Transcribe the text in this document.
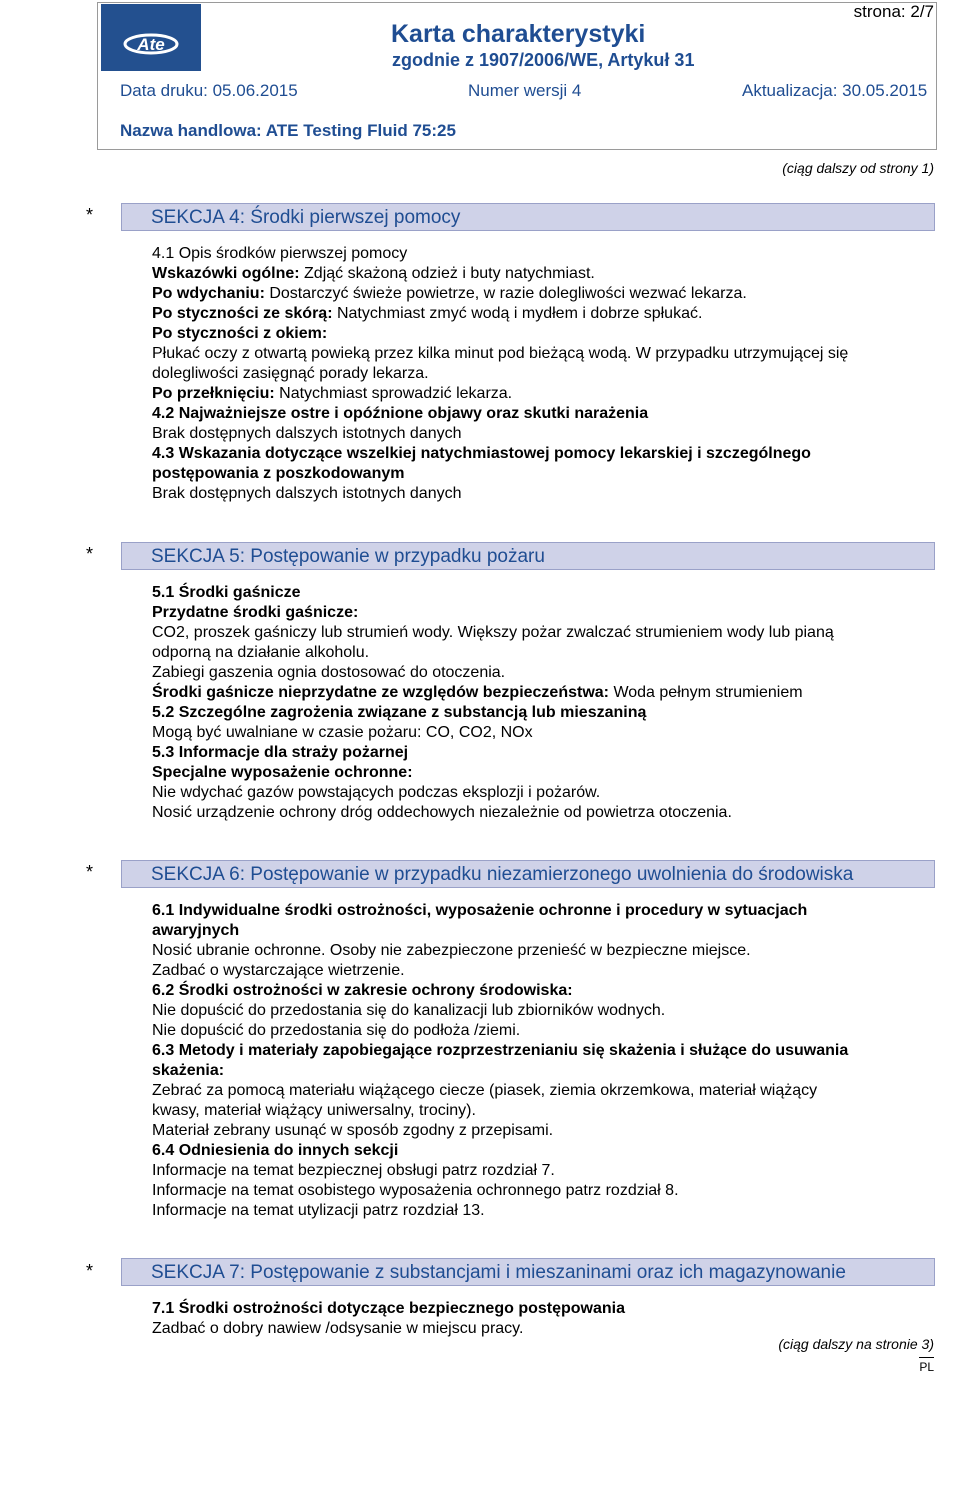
strona: 2/7
Ate	Karta charakterystyki
zgodnie z 1907/2006/WE, Artykuł 31
Data druku: 05.06.2015	Numer wersji 4	Aktualizacja: 30.05.2015
Nazwa handlowa: ATE Testing Fluid 75:25
(ciąg dalszy od strony 1)
*	SEKCJA 4: Środki pierwszej pomocy
4.1 Opis środków pierwszej pomocy
Wskazówki ogólne: Zdjąć skażoną odzież i buty natychmiast.
Po wdychaniu: Dostarczyć świeże powietrze, w razie dolegliwości wezwać lekarza.
Po styczności ze skórą: Natychmiast zmyć wodą i mydłem i dobrze spłukać.
Po styczności z okiem:
Płukać oczy z otwartą powieką przez kilka minut pod bieżącą wodą. W przypadku utrzymującej się
dolegliwości zasięgnąć porady lekarza.
Po przełknięciu: Natychmiast sprowadzić lekarza.
4.2 Najważniejsze ostre i opóźnione objawy oraz skutki narażenia
Brak dostępnych dalszych istotnych danych
4.3 Wskazania dotyczące wszelkiej natychmiastowej pomocy lekarskiej i szczególnego
postępowania z poszkodowanym
Brak dostępnych dalszych istotnych danych
*	SEKCJA 5: Postępowanie w przypadku pożaru
5.1 Środki gaśnicze
Przydatne środki gaśnicze:
CO2, proszek gaśniczy lub strumień wody. Większy pożar zwalczać strumieniem wody lub pianą
odporną na działanie alkoholu.
Zabiegi gaszenia ognia dostosować do otoczenia.
Środki gaśnicze nieprzydatne ze względów bezpieczeństwa: Woda pełnym strumieniem
5.2 Szczególne zagrożenia związane z substancją lub mieszaniną
Mogą być uwalniane w czasie pożaru: CO, CO2, NOx
5.3 Informacje dla straży pożarnej
Specjalne wyposażenie ochronne:
Nie wdychać gazów powstających podczas eksplozji i pożarów.
Nosić urządzenie ochrony dróg oddechowych niezależnie od powietrza otoczenia.
*	SEKCJA 6: Postępowanie w przypadku niezamierzonego uwolnienia do środowiska
6.1 Indywidualne środki ostrożności, wyposażenie ochronne i procedury w sytuacjach
awaryjnych
Nosić ubranie ochronne. Osoby nie zabezpieczone przenieść w bezpieczne miejsce.
Zadbać o wystarczające wietrzenie.
6.2 Środki ostrożności w zakresie ochrony środowiska:
Nie dopuścić do przedostania się do kanalizacji lub zbiorników wodnych.
Nie dopuścić do przedostania się do podłoża /ziemi.
6.3 Metody i materiały zapobiegające rozprzestrzenianiu się skażenia i służące do usuwania
skażenia:
Zebrać za pomocą materiału wiążącego ciecze (piasek, ziemia okrzemkowa, materiał wiążący
kwasy, materiał wiążący uniwersalny, trociny).
Materiał zebrany usunąć w sposób zgodny z przepisami.
6.4 Odniesienia do innych sekcji
Informacje na temat bezpiecznej obsługi patrz rozdział 7.
Informacje na temat osobistego wyposażenia ochronnego patrz rozdział 8.
Informacje na temat utylizacji patrz rozdział 13.
*	SEKCJA 7: Postępowanie z substancjami i mieszaninami oraz ich magazynowanie
7.1 Środki ostrożności dotyczące bezpiecznego postępowania
Zadbać o dobry nawiew /odsysanie w miejscu pracy.
(ciąg dalszy na stronie 3)
PL
